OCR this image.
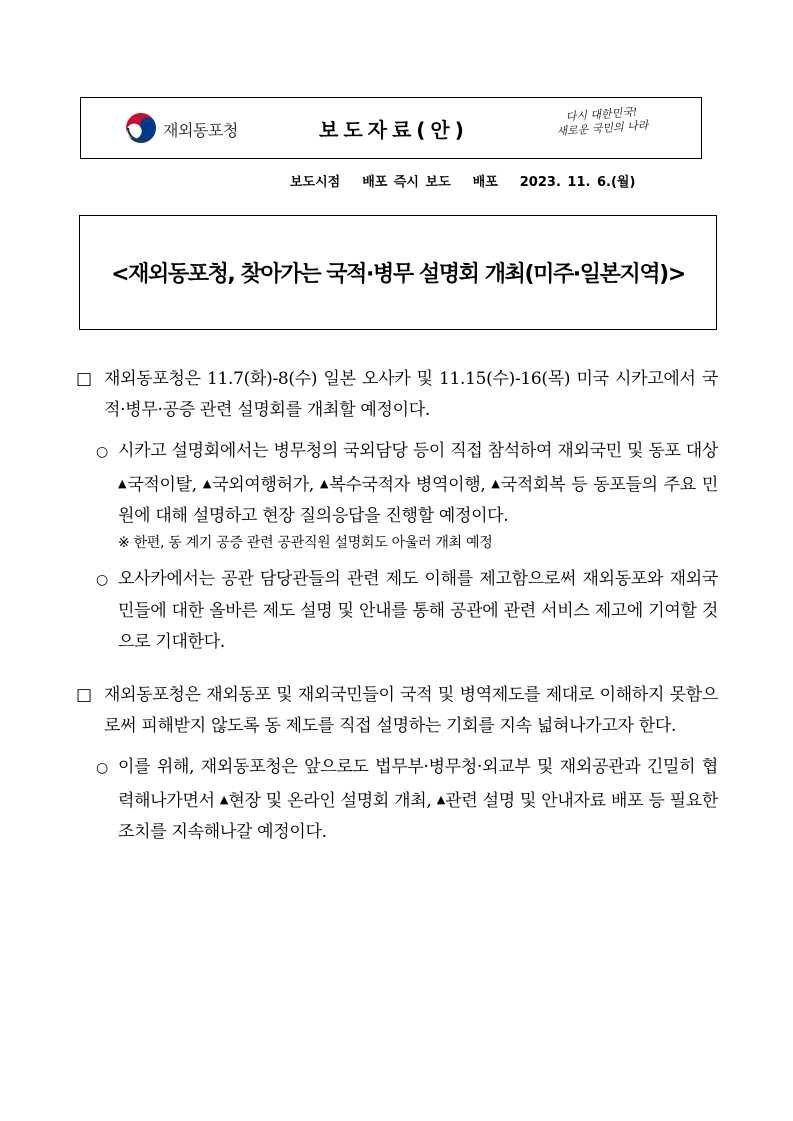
재외동포청	보도자료(안)
다시 대한민국!
새로운 국민의 나라
보도시점 배포 즉시 보도 배포 2023. 11. 6.(월)
<재외동포청, 찾아가는 국적·병무 설명회 개최(미주·일본지역)>
□ 재외동포청은 11.7(화)-8(수) 일본 오사카 및 11.15(수)-16(목) 미국 시카고에서 국적·병무·공증 관련 설명회를 개최할 예정이다.
○ 시카고 설명회에서는 병무청의 국외담당 등이 직접 참석하여 재외국민 및 동포 대상 ▲국적이탈, ▲국외여행허가, ▲복수국적자 병역이행, ▲국적회복 등 동포들의 주요 민원에 대해 설명하고 현장 질의응답을 진행할 예정이다.
※ 한편, 동 계기 공증 관련 공관직원 설명회도 아울러 개최 예정
○ 오사카에서는 공관 담당관들의 관련 제도 이해를 제고함으로써 재외동포와 재외국민들에 대한 올바른 제도 설명 및 안내를 통해 공관에 관련 서비스 제고에 기여할 것으로 기대한다.
□ 재외동포청은 재외동포 및 재외국민들이 국적 및 병역제도를 제대로 이해하지 못함으로써 피해받지 않도록 동 제도를 직접 설명하는 기회를 지속 넓혀나가고자 한다.
○ 이를 위해, 재외동포청은 앞으로도 법무부·병무청·외교부 및 재외공관과 긴밀히 협력해나가면서 ▲현장 및 온라인 설명회 개최, ▲관련 설명 및 안내자료 배포 등 필요한 조치를 지속해나갈 예정이다.
